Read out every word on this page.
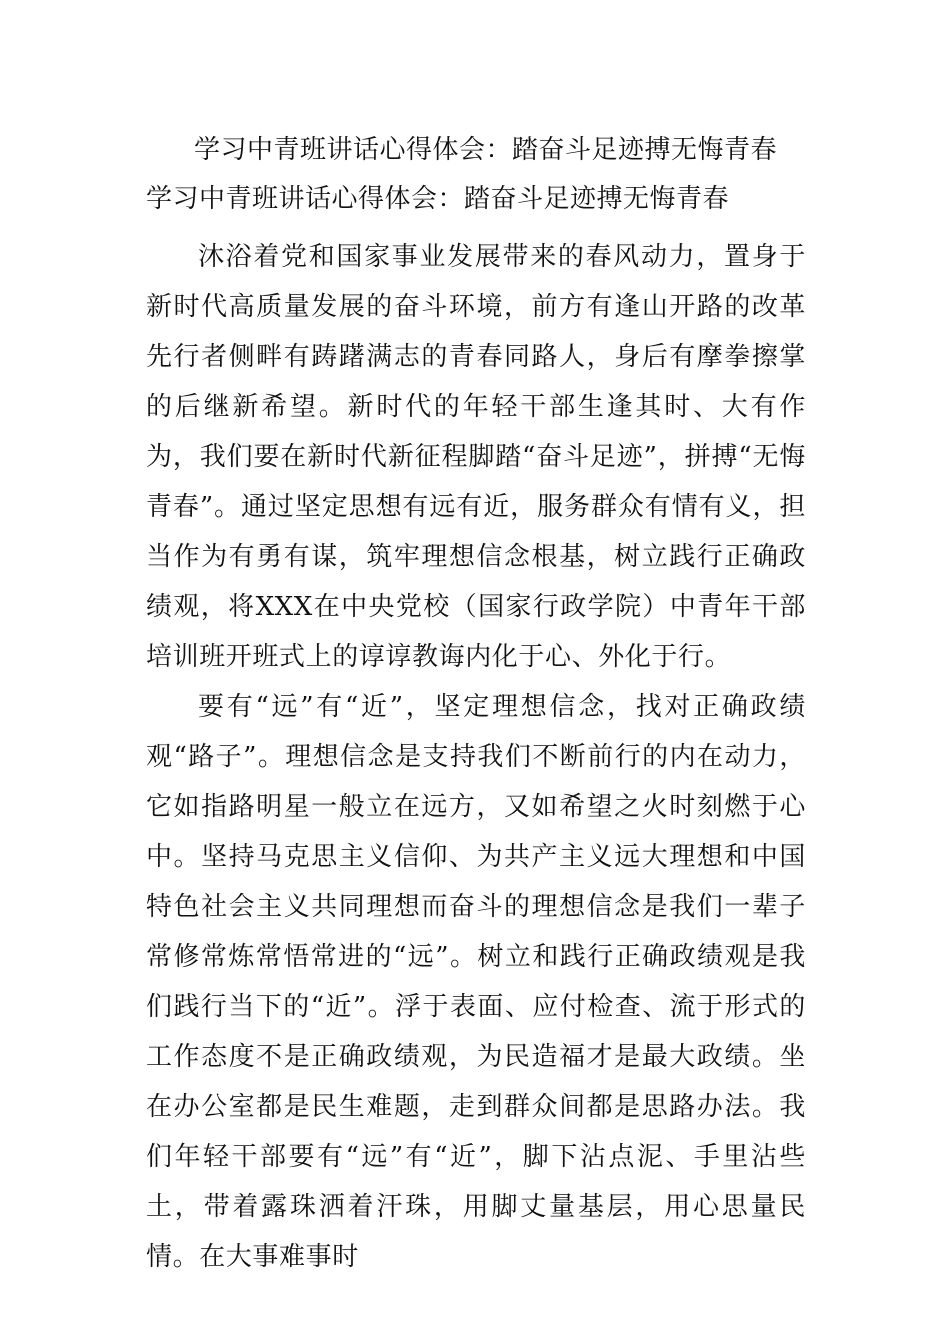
学习中青班讲话心得体会：踏奋斗足迹搏无悔青春
学习中青班讲话心得体会：踏奋斗足迹搏无悔青春

沐浴着党和国家事业发展带来的春风动力，置身于新时代高质量发展的奋斗环境，前方有逢山开路的改革先行者侧畔有踌躇满志的青春同路人，身后有摩拳擦掌的后继新希望。新时代的年轻干部生逢其时、大有作为，我们要在新时代新征程脚踏“奋斗足迹”，拼搏“无悔青春”。通过坚定思想有远有近，服务群众有情有义，担当作为有勇有谋，筑牢理想信念根基，树立践行正确政绩观，将XXX在中央党校（国家行政学院）中青年干部培训班开班式上的谆谆教诲内化于心、外化于行。

要有“远”有“近”，坚定理想信念，找对正确政绩观“路子”。理想信念是支持我们不断前行的内在动力，它如指路明星一般立在远方，又如希望之火时刻燃于心中。坚持马克思主义信仰、为共产主义远大理想和中国特色社会主义共同理想而奋斗的理想信念是我们一辈子常修常炼常悟常进的“远”。树立和践行正确政绩观是我们践行当下的“近”。浮于表面、应付检查、流于形式的工作态度不是正确政绩观，为民造福才是最大政绩。坐在办公室都是民生难题，走到群众间都是思路办法。我们年轻干部要有“远”有“近”，脚下沾点泥、手里沾些土，带着露珠洒着汗珠，用脚丈量基层，用心思量民情。在大事难事时
